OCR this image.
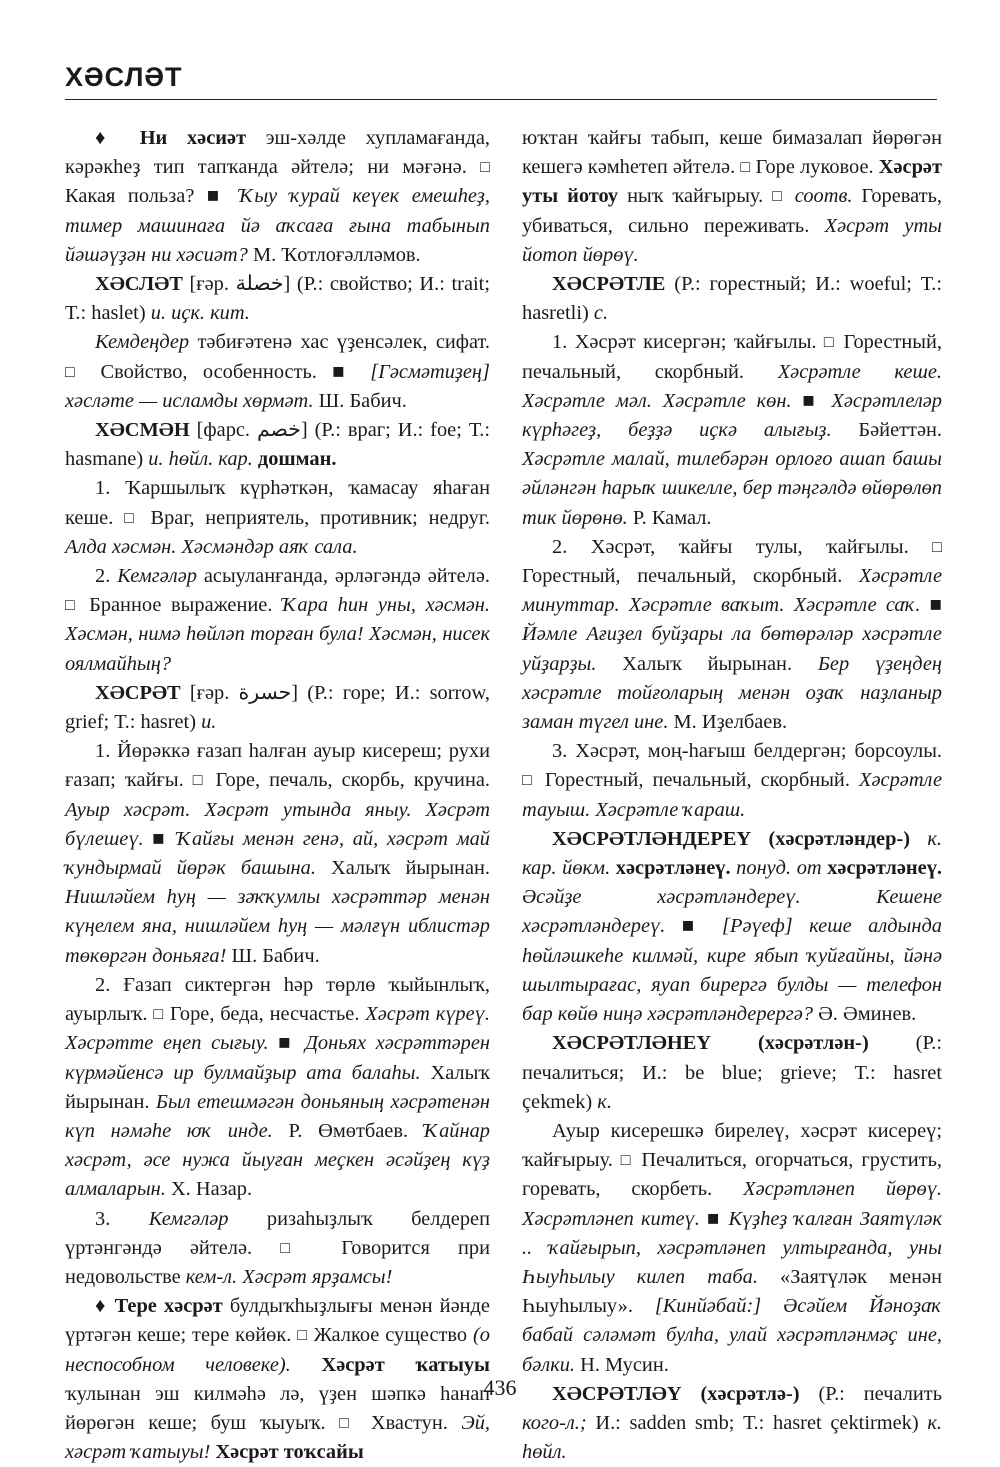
ХӘСЛӘТ

♦ Ни хәсиәт эш-хәлде хупламағанда, кәрәкһеҙ тип тапҡанда әйтелә; ни мәғәнә. □ Какая польза? ■ Ҡыу ҡурай кеүек емешһеҙ, тимер машинаға йә аҡсаға ғына табынып йәшәүҙән ни хәсиәт? М. Ҡотлоғәлләмов.

ХӘСЛӘТ [ғәр. خصلة] (Р.: свойство; И.: trait; Т.: haslet) и. иҫк. кит.

Кемдеңдер тәбиғәтенә хас үҙенсәлек, сифат. □ Свойство, особенность. ■ [Гәсмәтиҙең] хәсләте — исламды хөрмәт. Ш. Бабич.

ХӘСМӘН [фарс. خصم] (Р.: враг; И.: foe; Т.: hasmane) и. һөйл. кар. дошман.

1. Ҡаршылыҡ күрһәткән, ҡамасау яһаған кеше. □ Враг, неприятель, противник; недруг. Алда хәсмән. Хәсмәндәр аяҡ сала.

2. Кемгәләр асыуланғанда, әрләгәндә әйтелә. □ Бранное выражение. Ҡара һин уны, хәсмән. Хәсмән, нимә һөйләп торған була! Хәсмән, нисек оялмайһың?

ХӘСРӘТ [ғәр. حسرة] (Р.: горе; И.: sorrow, grief; Т.: hasret) и.

1. Йөрәккә ғазап һалған ауыр кисереш; рухи ғазап; ҡайғы. □ Горе, печаль, скорбь, кручина. Ауыр хәсрәт. Хәсрәт утында яныу. Хәсрәт бүлешеү. ■ Ҡайғы менән генә, ай, хәсрәт май ҡундырмай йөрәк башына. Халыҡ йырынан. Нишләйем һуң — зәҡҡумлы хәсрәттәр менән күңелем яна, нишләйем һуң — мәлғүн иблистәр төкөргән доньяға! Ш. Бабич.

2. Ғазап сиктергән һәр төрлө ҡыйынлыҡ, ауырлыҡ. □ Горе, беда, несчастье. Хәсрәт күреү. Хәсрәтте еңеп сығыу. ■ Доньях хәсрәттәрен күрмәйенсә ир булмайҙыр ата балаһы. Халыҡ йырынан. Был етешмәгән доньяның хәсрәтенән күп нәмәһе юҡ инде. Р. Өмөтбаев. Ҡайнар хәсрәт, әсе нужа йыуған меҫкен әсәйҙең күҙ алмаларын. Х. Назар.

3. Кемгәләр ризаһыҙлыҡ белдереп үртәнгәндә әйтелә. □ Говорится при недовольстве кем-л. Хәсрәт ярҙамсы!

♦ Тере хәсрәт булдыҡһыҙлығы менән йәнде үртәгән кеше; тере көйөк. □ Жалкое существо (о неспособном человеке). Хәсрәт ҡатыуы ҡулынан эш килмәһә лә, үҙен шәпкә һанап йөрөгән кеше; буш ҡыуыҡ. □ Хвастун. Эй, хәсрәт ҡатыуы! Хәсрәт тоҡсайы

юҡтан ҡайғы табып, кеше бимазалап йөрөгән кешегә кәмһетеп әйтелә. □ Горе луковое. Хәсрәт уты йотоу ныҡ ҡайғырыу. □ соотв. Горевать, убиваться, сильно переживать. Хәсрәт уты йотоп йөрөү.

ХӘСРӘТЛЕ (Р.: горестный; И.: woeful; Т.: hasretli) с.

1. Хәсрәт кисергән; ҡайғылы. □ Горестный, печальный, скорбный. Хәсрәтле кеше. Хәсрәтле мәл. Хәсрәтле көн. ■ Хәсрәтлеләр күрһәгеҙ, беҙҙә иҫкә алығыҙ. Бәйеттән. Хәсрәтле малай, тилебәрән орлоғо ашап башы әйләнгән һарыҡ шикелле, бер тәңгәлдә өйөрөлөп тик йөрөнө. Р. Камал.

2. Хәсрәт, ҡайғы тулы, ҡайғылы. □ Горестный, печальный, скорбный. Хәсрәтле минуттар. Хәсрәтле ваҡыт. Хәсрәтле саҡ. ■ Йәмле Ағиҙел буйҙары ла бөтөрәләр хәсрәтле уйҙарҙы. Халыҡ йырынан. Бер үҙеңдең хәсрәтле тойғоларың менән оҙаҡ наҙланыр заман түгел ине. М. Иҙелбаев.

3. Хәсрәт, моң-һағыш белдергән; борсоулы. □ Горестный, печальный, скорбный. Хәсрәтле тауыш. Хәсрәтле ҡараш.

ХӘСРӘТЛӘНДЕРЕҮ (хәсрәтләндер-) к. кар. йөкм. хәсрәтләнеү. понуд. от хәсрәтләнеү. Әсәйҙе хәсрәтләндереү. Кешене хәсрәтләндереү. ■ [Рәүеф] кеше алдында һөйләшкеһе килмәй, кире ябып ҡуйғайны, йәнә шылтырағас, яуап бирергә булды — телефон бар көйө ниңә хәсрәтләндерергә? Ә. Әминев.

ХӘСРӘТЛӘНЕҮ (хәсрәтлән-) (Р.: печалиться; И.: be blue; grieve; Т.: hasret çekmek) к.

Ауыр кисерешкә бирелеү, хәсрәт кисереү; ҡайғырыу. □ Печалиться, огорчаться, грустить, горевать, скорбеть. Хәсрәтләнеп йөрөү. Хәсрәтләнеп китеү. ■ Күҙһеҙ ҡалған Заятүләк .. ҡайғырып, хәсрәтләнеп ултырғанда, уны Һыуһылыу килеп таба. «Заятүләк менән Һыуһылыу». [Кинйәбай:] Әсәйем Йәноҙаҡ бабай сәләмәт булһа, улай хәсрәтләнмәҫ ине, бәлки. Н. Мусин.

ХӘСРӘТЛӘҮ (хәсрәтлә-) (Р.: печалить кого-л.; И.: sadden smb; Т.: hasret çektirmek) к. һөйл.

436
